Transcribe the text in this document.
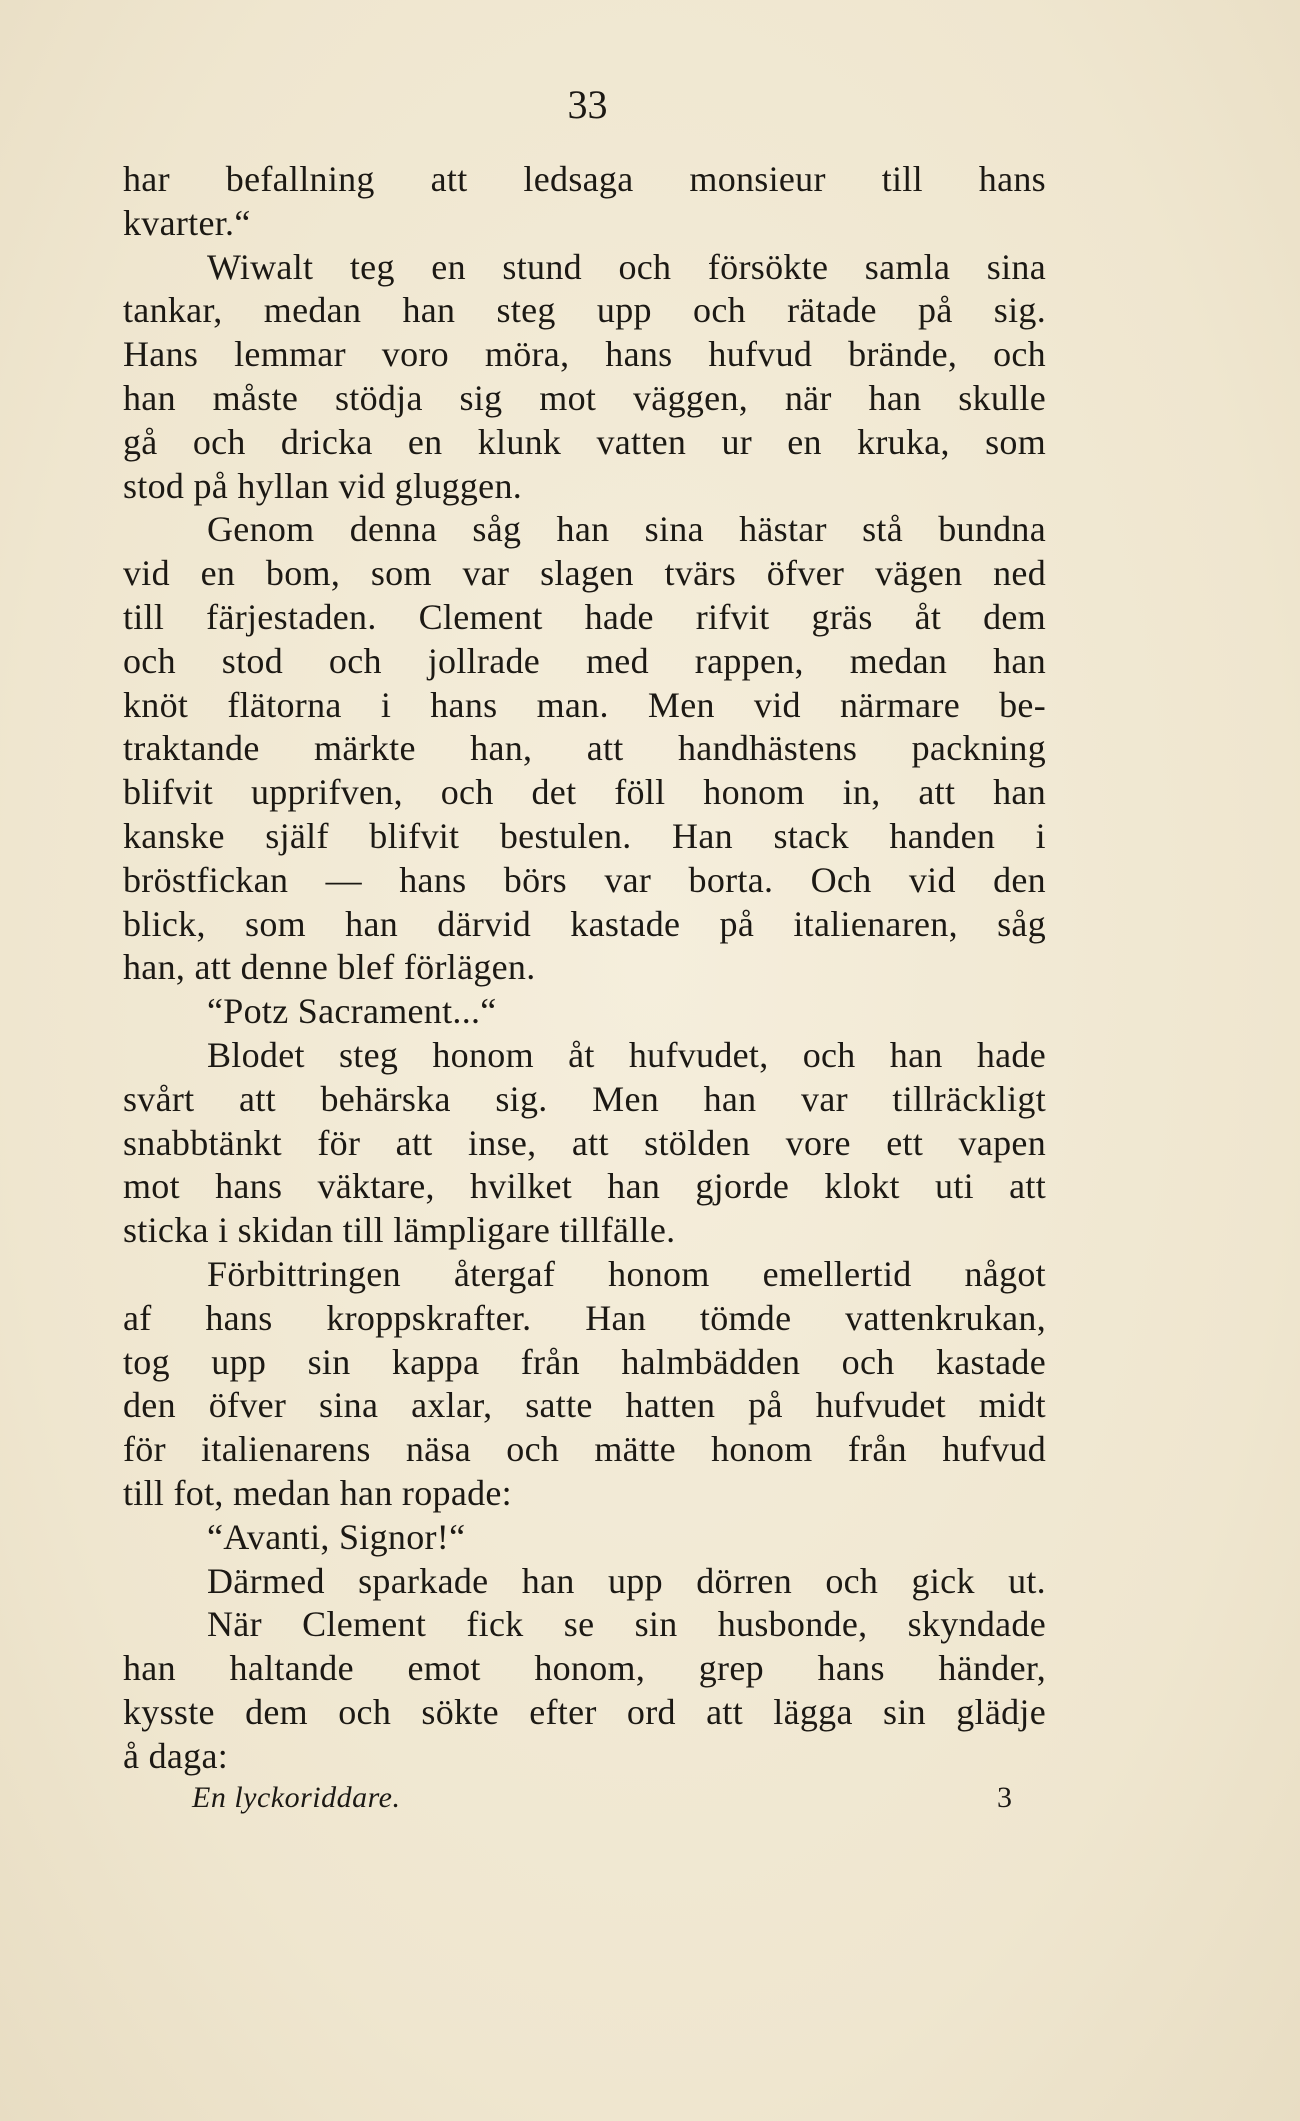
33
har befallning att ledsaga monsieur till hans
kvarter.“
Wiwalt teg en stund och försökte samla sina
tankar, medan han steg upp och rätade på sig.
Hans lemmar voro möra, hans hufvud brände, och
han måste stödja sig mot väggen, när han skulle
gå och dricka en klunk vatten ur en kruka, som
stod på hyllan vid gluggen.
Genom denna såg han sina hästar stå bundna
vid en bom, som var slagen tvärs öfver vägen ned
till färjestaden. Clement hade rifvit gräs åt dem
och stod och jollrade med rappen, medan han
knöt flätorna i hans man. Men vid närmare be-
traktande märkte han, att handhästens packning
blifvit upprifven, och det föll honom in, att han
kanske själf blifvit bestulen. Han stack handen i
bröstfickan — hans börs var borta. Och vid den
blick, som han därvid kastade på italienaren, såg
han, att denne blef förlägen.
“Potz Sacrament...“
Blodet steg honom åt hufvudet, och han hade
svårt att behärska sig. Men han var tillräckligt
snabbtänkt för att inse, att stölden vore ett vapen
mot hans väktare, hvilket han gjorde klokt uti att
sticka i skidan till lämpligare tillfälle.
Förbittringen återgaf honom emellertid något
af hans kroppskrafter. Han tömde vattenkrukan,
tog upp sin kappa från halmbädden och kastade
den öfver sina axlar, satte hatten på hufvudet midt
för italienarens näsa och mätte honom från hufvud
till fot, medan han ropade:
“Avanti, Signor!“
Därmed sparkade han upp dörren och gick ut.
När Clement fick se sin husbonde, skyndade
han haltande emot honom, grep hans händer,
kysste dem och sökte efter ord att lägga sin glädje
å daga:
En lyckoriddare.	3
